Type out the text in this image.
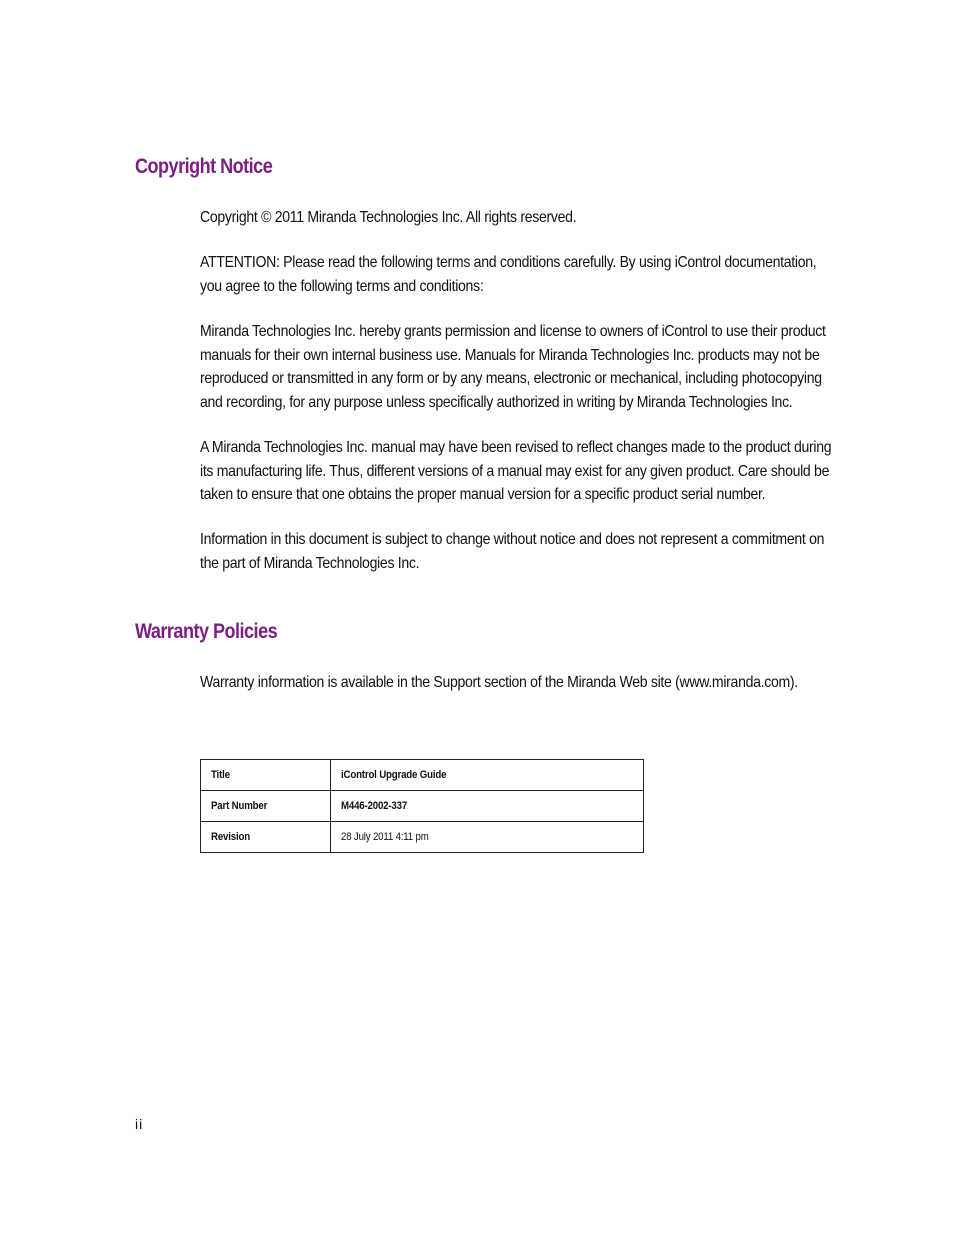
Copyright Notice

Copyright © 2011 Miranda Technologies Inc. All rights reserved.

ATTENTION: Please read the following terms and conditions carefully. By using iControl documentation, you agree to the following terms and conditions:

Miranda Technologies Inc. hereby grants permission and license to owners of iControl to use their product manuals for their own internal business use. Manuals for Miranda Technologies Inc. products may not be reproduced or transmitted in any form or by any means, electronic or mechanical, including photocopying and recording, for any purpose unless specifically authorized in writing by Miranda Technologies Inc.

A Miranda Technologies Inc. manual may have been revised to reflect changes made to the product during its manufacturing life. Thus, different versions of a manual may exist for any given product. Care should be taken to ensure that one obtains the proper manual version for a specific product serial number.

Information in this document is subject to change without notice and does not represent a commitment on the part of Miranda Technologies Inc.

Warranty Policies

Warranty information is available in the Support section of the Miranda Web site (www.miranda.com).

Title	iControl Upgrade Guide
Part Number	M446-2002-337
Revision	28 July 2011 4:11 pm
ii
